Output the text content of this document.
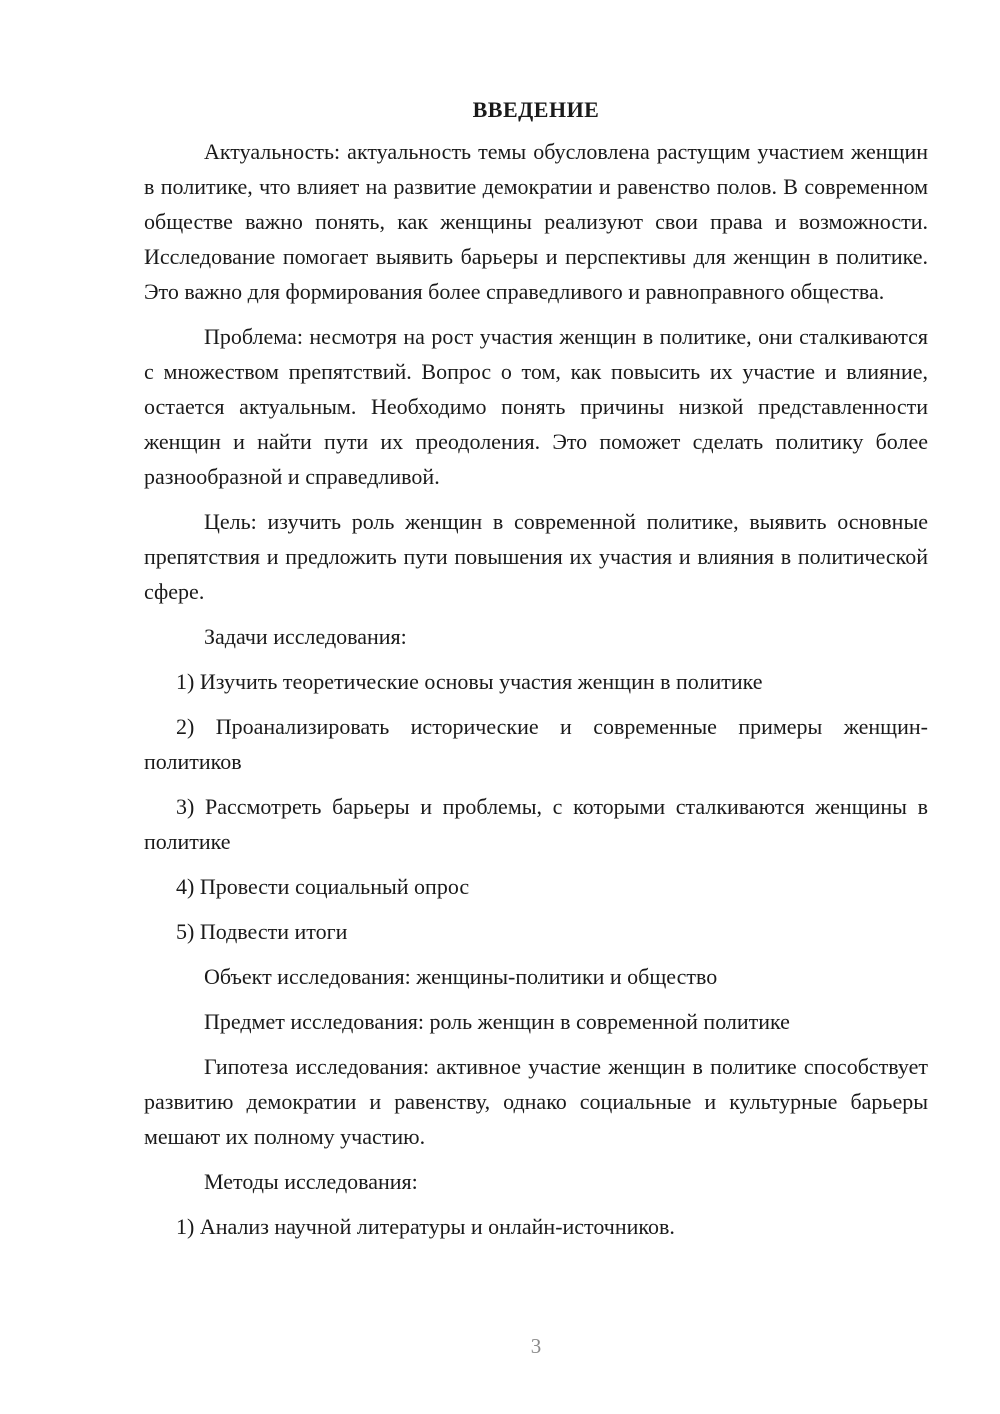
ВВЕДЕНИЕ

Актуальность: актуальность темы обусловлена растущим участием женщин в политике, что влияет на развитие демократии и равенство полов. В современном обществе важно понять, как женщины реализуют свои права и возможности. Исследование помогает выявить барьеры и перспективы для женщин в политике. Это важно для формирования более справедливого и равноправного общества.

Проблема: несмотря на рост участия женщин в политике, они сталкиваются с множеством препятствий. Вопрос о том, как повысить их участие и влияние, остается актуальным. Необходимо понять причины низкой представленности женщин и найти пути их преодоления. Это поможет сделать политику более разнообразной и справедливой.

Цель: изучить роль женщин в современной политике, выявить основные препятствия и предложить пути повышения их участия и влияния в политической сфере.

Задачи исследования:

1) Изучить теоретические основы участия женщин в политике

2) Проанализировать исторические и современные примеры женщин-политиков

3) Рассмотреть барьеры и проблемы, с которыми сталкиваются женщины в политике

4) Провести социальный опрос

5) Подвести итоги

Объект исследования: женщины-политики и общество

Предмет исследования: роль женщин в современной политике

Гипотеза исследования: активное участие женщин в политике способствует развитию демократии и равенству, однако социальные и культурные барьеры мешают их полному участию.

Методы исследования:

1) Анализ научной литературы и онлайн-источников.

3
